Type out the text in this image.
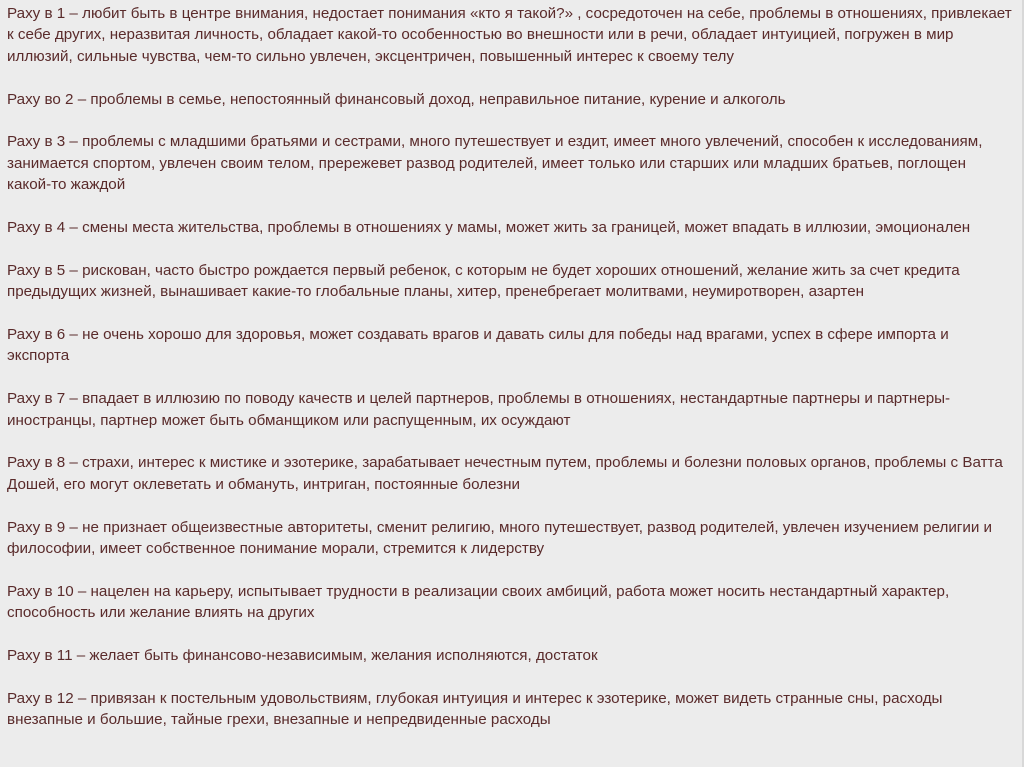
Раху в 1 – любит быть в центре внимания, недостает понимания «кто я такой?» , сосредоточен на себе, проблемы в отношениях, привлекает к себе других, неразвитая личность, обладает какой-то особенностью во внешности или в речи, обладает интуицией, погружен в мир иллюзий, сильные чувства, чем-то сильно увлечен, эксцентричен, повышенный интерес к своему телу

Раху во 2 – проблемы в семье, непостоянный финансовый доход, неправильное питание, курение и алкоголь

Раху в 3 – проблемы с младшими братьями и сестрами, много путешествует и ездит, имеет много увлечений, способен к исследованиям, занимается спортом, увлечен своим телом, прережевет развод родителей, имеет только или старших или младших братьев, поглощен какой-то жаждой

Раху в 4 – смены места жительства, проблемы в отношениях у мамы, может жить за границей, может впадать в иллюзии, эмоционален

Раху в 5 – рискован, часто быстро рождается первый ребенок, с которым не будет хороших отношений, желание жить за счет кредита предыдущих жизней, вынашивает какие-то глобальные планы, хитер, пренебрегает молитвами, неумиротворен, азартен

Раху в 6 – не очень хорошо для здоровья, может создавать врагов и давать силы для победы над врагами, успех в сфере импорта и экспорта

Раху в 7 – впадает в иллюзию по поводу качеств и целей партнеров, проблемы в отношениях, нестандартные партнеры и партнеры- иностранцы, партнер может быть обманщиком или распущенным, их осуждают

Раху в 8 – страхи, интерес к мистике и эзотерике, зарабатывает нечестным путем, проблемы и болезни половых органов, проблемы с Ватта Дошей, его могут оклеветать и обмануть, интриган, постоянные болезни

Раху в 9 – не признает общеизвестные авторитеты, сменит религию, много путешествует, развод родителей, увлечен изучением религии и философии, имеет собственное понимание морали, стремится к лидерству

Раху в 10 – нацелен на карьеру, испытывает трудности в реализации своих амбиций, работа может носить нестандартный характер, способность или желание влиять на других

Раху в 11 – желает быть финансово-независимым, желания исполняются, достаток

Раху в 12 – привязан к постельным удовольствиям, глубокая интуиция и интерес к эзотерике, может видеть странные сны, расходы внезапные и большие, тайные грехи, внезапные и непредвиденные расходы
